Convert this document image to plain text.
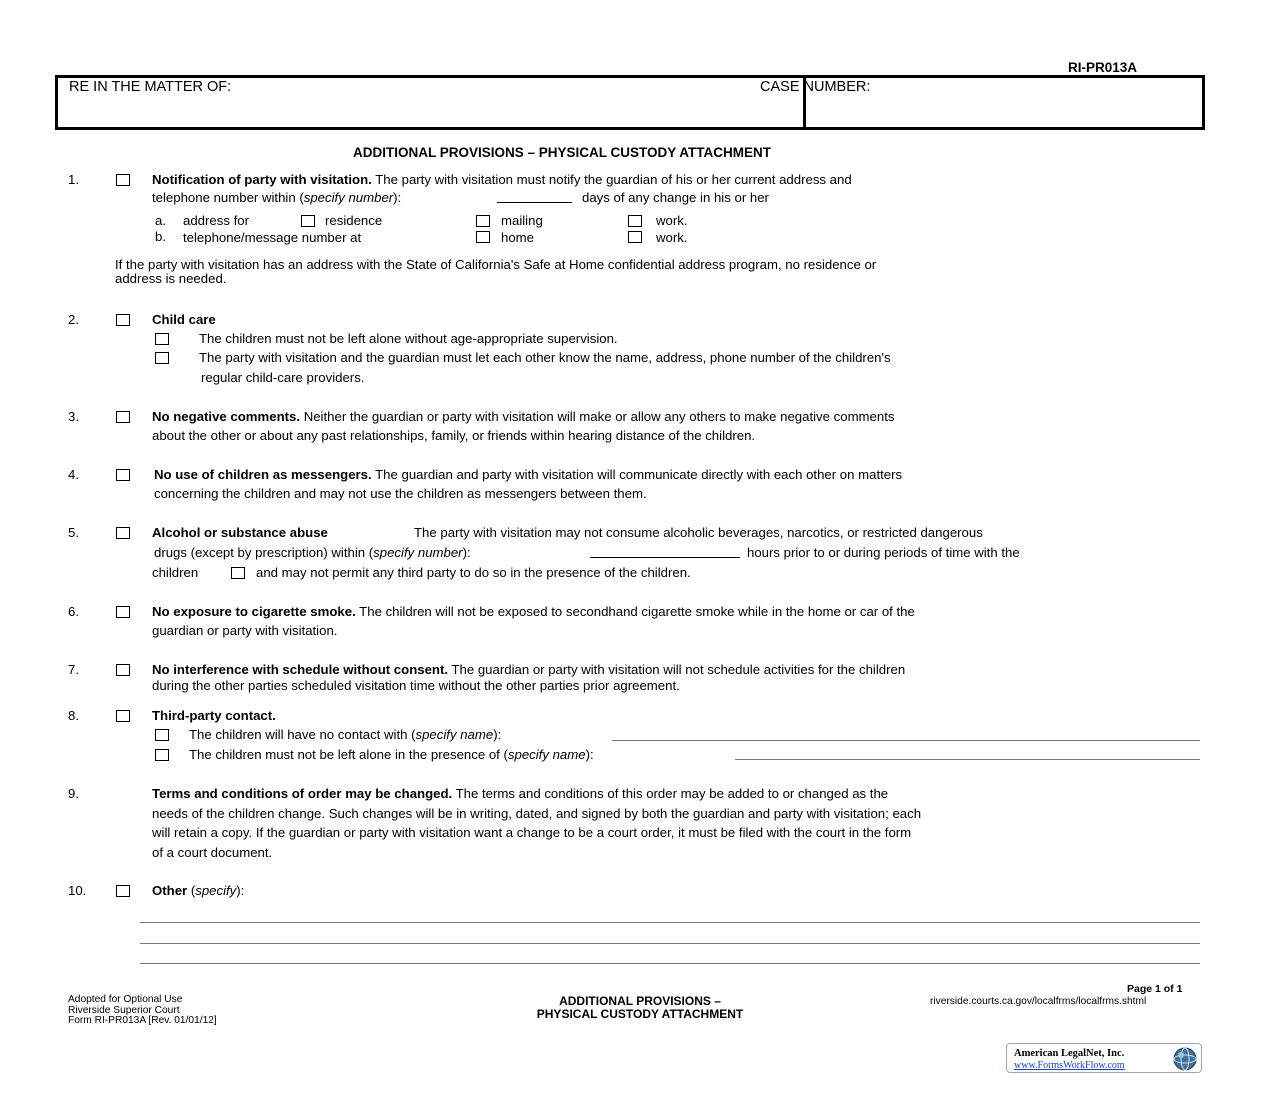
RI-PR013A
RE IN THE MATTER OF:	CASE NUMBER:
ADDITIONAL PROVISIONS – PHYSICAL CUSTODY ATTACHMENT
1.	Notification of party with visitation. The party with visitation must notify the guardian of his or her current address and
telephone number within (specify number):	days of any change in his or her
a. address for	residence	mailing	work.
b. telephone/message number at	home	work.
If the party with visitation has an address with the State of California's Safe at Home confidential address program, no residence or
address is needed.
2.	Child care
The children must not be left alone without age-appropriate supervision.
The party with visitation and the guardian must let each other know the name, address, phone number of the children's
regular child-care providers.
3.	No negative comments. Neither the guardian or party with visitation will make or allow any others to make negative comments
about the other or about any past relationships, family, or friends within hearing distance of the children.
4.	No use of children as messengers. The guardian and party with visitation will communicate directly with each other on matters
concerning the children and may not use the children as messengers between them.
5.	Alcohol or substance abuse	The party with visitation may not consume alcoholic beverages, narcotics, or restricted dangerous
drugs (except by prescription) within (specify number):	hours prior to or during periods of time with the
children	and may not permit any third party to do so in the presence of the children.
6.	No exposure to cigarette smoke. The children will not be exposed to secondhand cigarette smoke while in the home or car of the
guardian or party with visitation.
7.	No interference with schedule without consent. The guardian or party with visitation will not schedule activities for the children
during the other parties scheduled visitation time without the other parties prior agreement.
8.	Third-party contact.
The children will have no contact with (specify name):
The children must not be left alone in the presence of (specify name):
9.	Terms and conditions of order may be changed. The terms and conditions of this order may be added to or changed as the
needs of the children change. Such changes will be in writing, dated, and signed by both the guardian and party with visitation; each
will retain a copy. If the guardian or party with visitation want a change to be a court order, it must be filed with the court in the form
of a court document.
10.	Other (specify):
Page 1 of 1
Adopted for Optional Use
Riverside Superior Court
Form RI-PR013A [Rev. 01/01/12]
ADDITIONAL PROVISIONS –
PHYSICAL CUSTODY ATTACHMENT
riverside.courts.ca.gov/localfrms/localfrms.shtml
American LegalNet, Inc.
www.FormsWorkFlow.com
